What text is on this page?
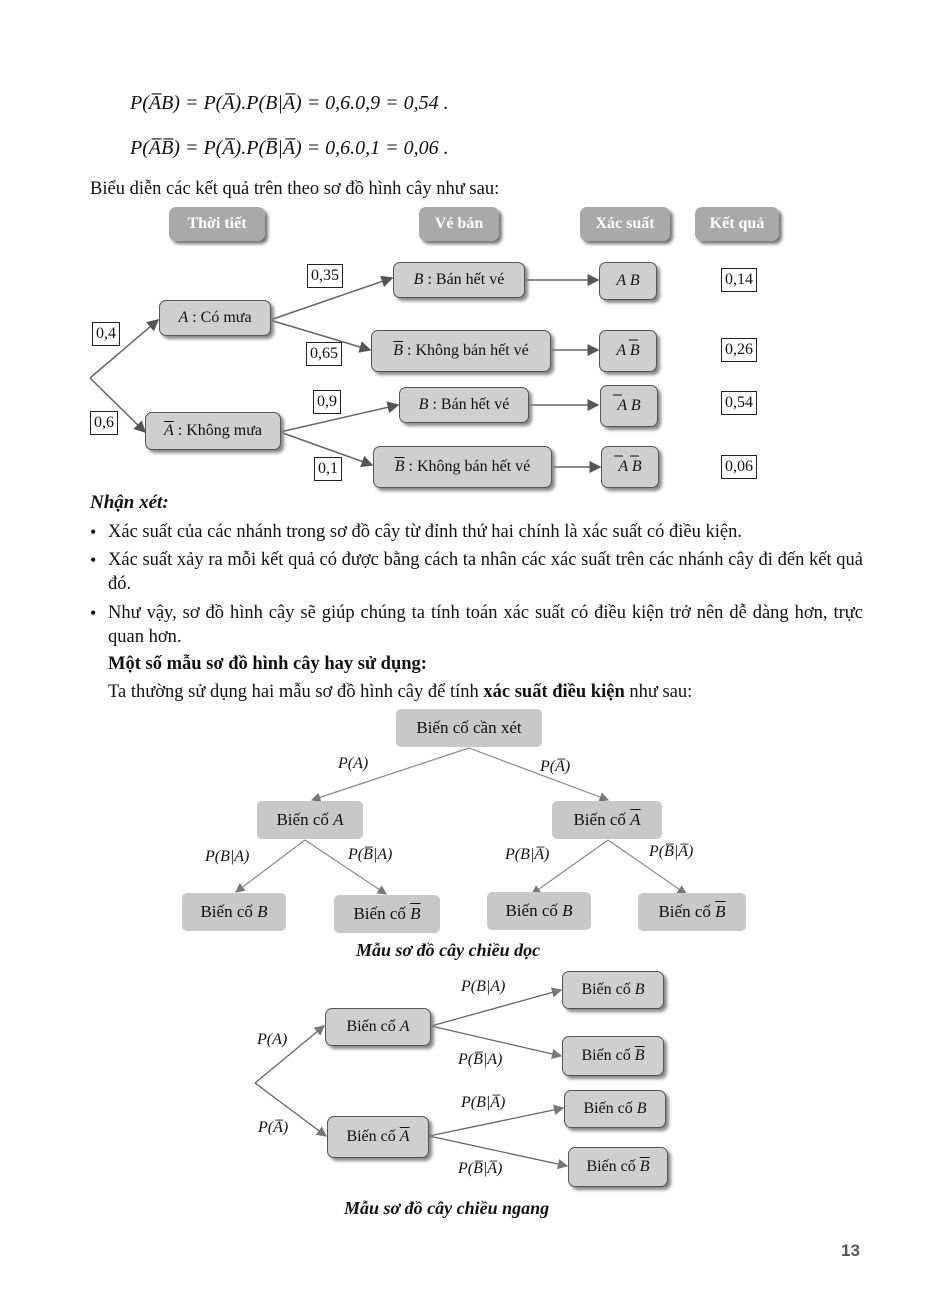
P(A̅B) = P(A̅).P(B|A̅) = 0,6.0,9 = 0,54 .
P(A̅B̅) = P(A̅).P(B̅|A̅) = 0,6.0,1 = 0,06 .
Biểu diễn các kết quả trên theo sơ đồ hình cây như sau:
Thời tiết	Vé bán	Xác suất	Kết quả
0,4
0,6
A : Có mưa
$\overline{A}$ : Không mưa
0,35
0,65
0,9
0,1
B : Bán hết vé
$\overline{B}$ : Không bán hết vé
B : Bán hết vé
$\overline{B}$ : Không bán hết vé
A B
A B
A B
A B
0,14
0,26
0,54
0,06
Nhận xét:
• Xác suất của các nhánh trong sơ đồ cây từ đỉnh thứ hai chính là xác suất có điều kiện.
• Xác suất xảy ra mỗi kết quả có được bằng cách ta nhân các xác suất trên các nhánh cây đi đến kết quả đó.
• Như vậy, sơ đồ hình cây sẽ giúp chúng ta tính toán xác suất có điều kiện trở nên dễ dàng hơn, trực quan hơn.
Một số mẫu sơ đồ hình cây hay sử dụng:
Ta thường sử dụng hai mẫu sơ đồ hình cây để tính xác suất điều kiện như sau:
Biến cố cần xét
P(A)	P(A̅)
Biến cố A	Biến cố $\overline{A}$
P(B|A)	P(B̅|A)	P(B|A̅)	P(B̅|A̅)
Biến cố B	Biến cố $\overline{B}$	Biến cố B	Biến cố $\overline{B}$
Mẫu sơ đồ cây chiều dọc
P(B|A)
P(A)
P(B̅|A)
P(B|A̅)
P(A̅)
P(B̅|A̅)
Biến cố A
Biến cố $\overline{A}$
Biến cố B
Biến cố $\overline{B}$
Biến cố B
Biến cố $\overline{B}$
Mẫu sơ đồ cây chiều ngang
13
